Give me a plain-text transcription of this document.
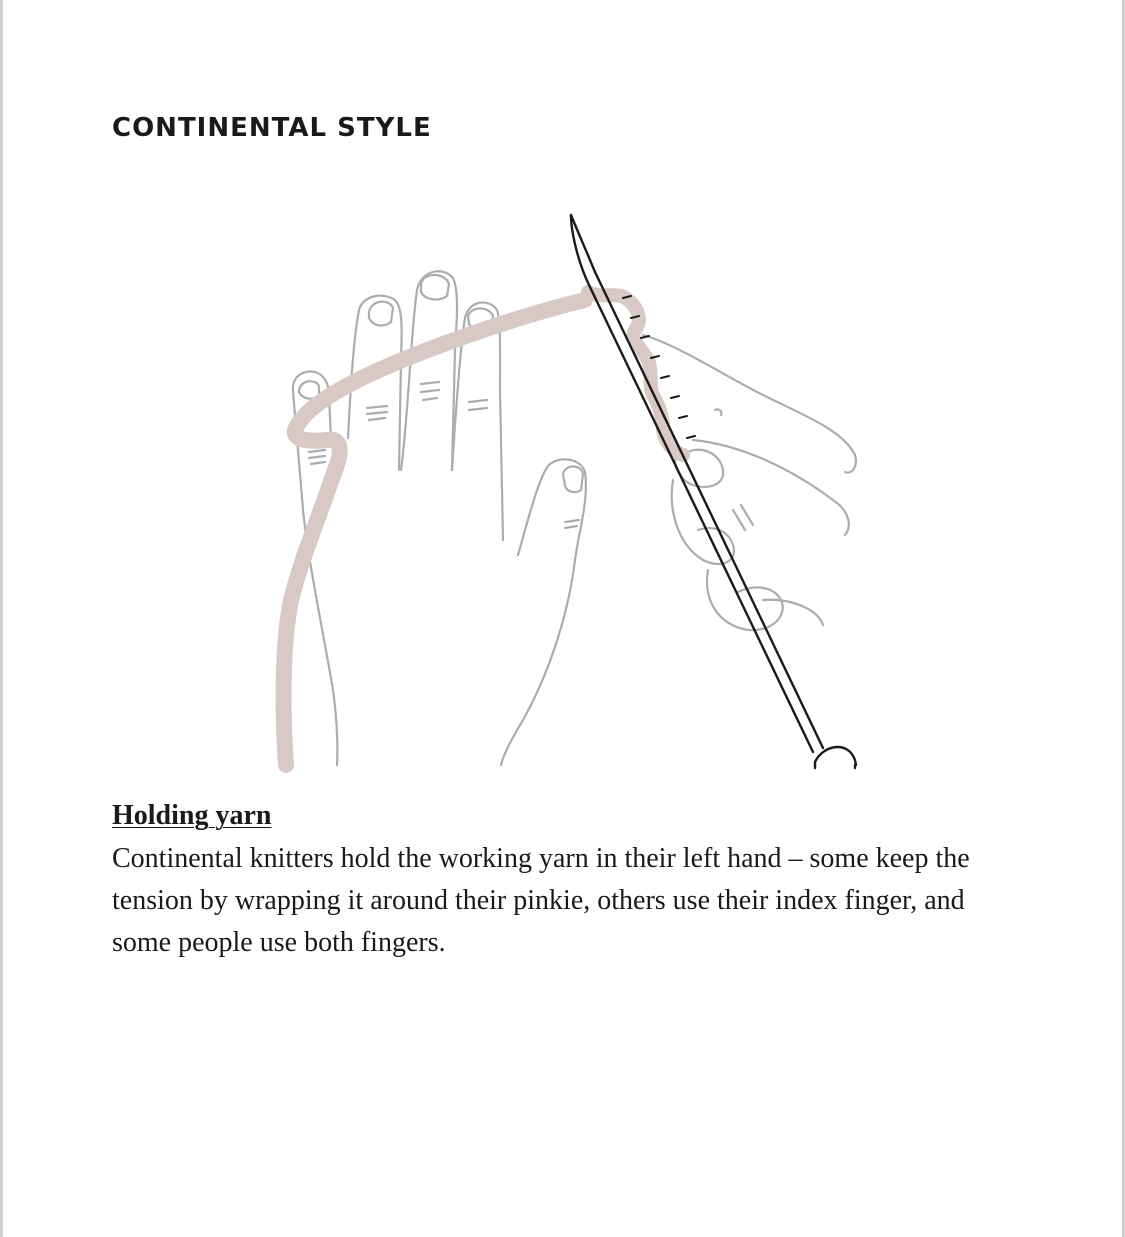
CONTINENTAL STYLE
Holding yarn

Continental knitters hold the working yarn in their left hand – some keep the tension by wrapping it around their pinkie, others use their index finger, and some people use both fingers.
